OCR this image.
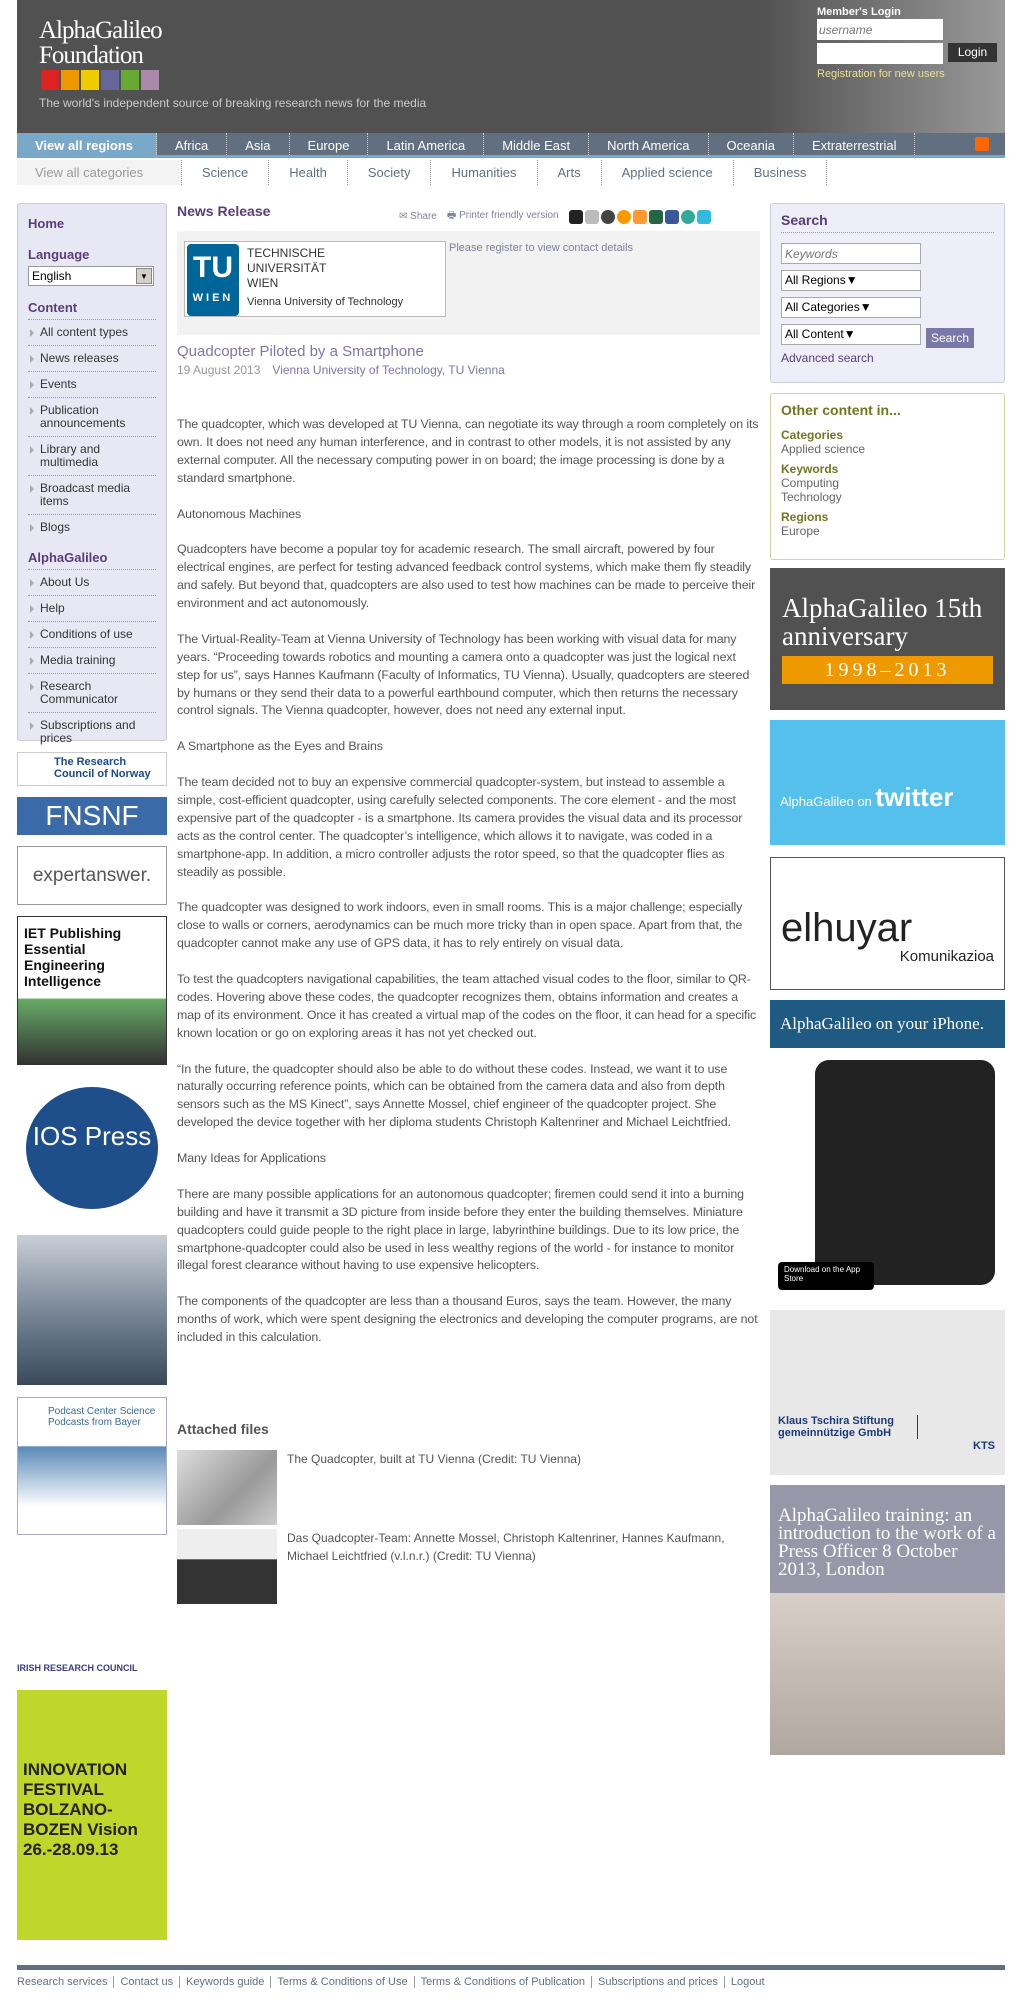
AlphaGalileo
Foundation
The world's independent source of breaking research news for the media
Member's Login
username
Login
Registration for new users
View all regions	Africa	Asia	Europe	Latin America	Middle East	North America	Oceania	Extraterrestrial
View all categories	Science	Health	Society	Humanities	Arts	Applied science	Business
Home
Language
English	▼
Content
All content types
News releases
Events
Publication announcements
Library and multimedia
Broadcast media items
Blogs
AlphaGalileo
About Us
Help
Conditions of use
Media training
Research Communicator
Subscriptions and prices
The Research Council of Norway
FNSNF
expertanswer.
IET Publishing Essential Engineering Intelligence
IOS Press
Podcast Center Science Podcasts from Bayer
IRISH RESEARCH COUNCIL
INNOVATION FESTIVAL BOLZANO-BOZEN Vision 26.-28.09.13
News Release	✉ Share 🖶 Printer friendly version
TU
WIEN
TECHNISCHE
UNIVERSITÄT
WIEN
Vienna University of Technology
Please register to view contact details
Quadcopter Piloted by a Smartphone
19 August 2013 Vienna University of Technology, TU Vienna

The quadcopter, which was developed at TU Vienna, can negotiate its way through a room completely on its own. It does not need any human interference, and in contrast to other models, it is not assisted by any external computer. All the necessary computing power in on board; the image processing is done by a standard smartphone.

Autonomous Machines

Quadcopters have become a popular toy for academic research. The small aircraft, powered by four electrical engines, are perfect for testing advanced feedback control systems, which make them fly steadily and safely. But beyond that, quadcopters are also used to test how machines can be made to perceive their environment and act autonomously.

The Virtual-Reality-Team at Vienna University of Technology has been working with visual data for many years. “Proceeding towards robotics and mounting a camera onto a quadcopter was just the logical next step for us”, says Hannes Kaufmann (Faculty of Informatics, TU Vienna). Usually, quadcopters are steered by humans or they send their data to a powerful earthbound computer, which then returns the necessary control signals. The Vienna quadcopter, however, does not need any external input.

A Smartphone as the Eyes and Brains

The team decided not to buy an expensive commercial quadcopter-system, but instead to assemble a simple, cost-efficient quadcopter, using carefully selected components. The core element - and the most expensive part of the quadcopter - is a smartphone. Its camera provides the visual data and its processor acts as the control center. The quadcopter’s intelligence, which allows it to navigate, was coded in a smartphone-app. In addition, a micro controller adjusts the rotor speed, so that the quadcopter flies as steadily as possible.

The quadcopter was designed to work indoors, even in small rooms. This is a major challenge; especially close to walls or corners, aerodynamics can be much more tricky than in open space. Apart from that, the quadcopter cannot make any use of GPS data, it has to rely entirely on visual data.

To test the quadcopters navigational capabilities, the team attached visual codes to the floor, similar to QR-codes. Hovering above these codes, the quadcopter recognizes them, obtains information and creates a map of its environment. Once it has created a virtual map of the codes on the floor, it can head for a specific known location or go on exploring areas it has not yet checked out.

“In the future, the quadcopter should also be able to do without these codes. Instead, we want it to use naturally occurring reference points, which can be obtained from the camera data and also from depth sensors such as the MS Kinect”, says Annette Mossel, chief engineer of the quadcopter project. She developed the device together with her diploma students Christoph Kaltenriner and Michael Leichtfried.

Many Ideas for Applications

There are many possible applications for an autonomous quadcopter; firemen could send it into a burning building and have it transmit a 3D picture from inside before they enter the building themselves. Miniature quadcopters could guide people to the right place in large, labyrinthine buildings. Due to its low price, the smartphone-quadcopter could also be used in less wealthy regions of the world - for instance to monitor illegal forest clearance without having to use expensive helicopters.

The components of the quadcopter are less than a thousand Euros, says the team. However, the many months of work, which were spent designing the electronics and developing the computer programs, are not included in this calculation.

Attached files
The Quadcopter, built at TU Vienna (Credit: TU Vienna)
Das Quadcopter-Team: Annette Mossel, Christoph Kaltenriner, Hannes Kaufmann, Michael Leichtfried (v.l.n.r.) (Credit: TU Vienna)
Search
Keywords
All Regions▼
All Categories▼
All Content▼	Search
Advanced search
Other content in...
Categories
Applied science
Keywords
Computing
Technology
Regions
Europe
AlphaGalileo 15th anniversary
1998–2013
AlphaGalileo on twitter
elhuyar
Komunikazioa
AlphaGalileo on your iPhone.
Download on the App Store
Klaus Tschira Stiftung gemeinnützige GmbH
KTS
AlphaGalileo training: an introduction to the work of a Press Officer 8 October 2013, London
Research services	Contact us	Keywords guide	Terms & Conditions of Use	Terms & Conditions of Publication	Subscriptions and prices	Logout
